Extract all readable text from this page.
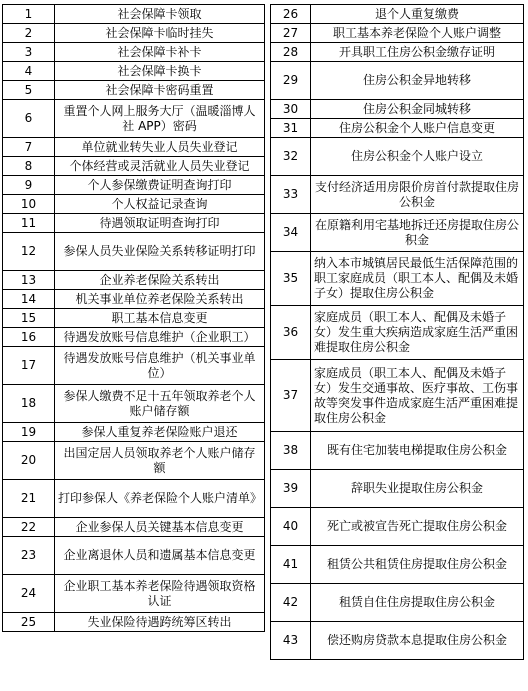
1	社会保障卡领取
2	社会保障卡临时挂失
3	社会保障卡补卡
4	社会保障卡换卡
5	社会保障卡密码重置
6	重置个人网上服务大厅（温暖淄博人社 APP）密码
7	单位就业转失业人员失业登记
8	个体经营或灵活就业人员失业登记
9	个人参保缴费证明查询打印
10	个人权益记录查询
11	待遇领取证明查询打印
12	参保人员失业保险关系转移证明打印
13	企业养老保险关系转出
14	机关事业单位养老保险关系转出
15	职工基本信息变更
16	待遇发放账号信息维护（企业职工）
17	待遇发放账号信息维护（机关事业单位）
18	参保人缴费不足十五年领取养老个人账户储存额
19	参保人重复养老保险账户退还
20	出国定居人员领取养老个人账户储存额
21	打印参保人《养老保险个人账户清单》
22	企业参保人员关键基本信息变更
23	企业离退休人员和遗属基本信息变更
24	企业职工基本养老保险待遇领取资格认证
25	失业保险待遇跨统筹区转出
26	退个人重复缴费
27	职工基本养老保险个人账户调整
28	开具职工住房公积金缴存证明
29	住房公积金异地转移
30	住房公积金同城转移
31	住房公积金个人账户信息变更
32	住房公积金个人账户设立
33	支付经济适用房限价房首付款提取住房公积金
34	在原籍利用宅基地拆迁还房提取住房公积金
35	纳入本市城镇居民最低生活保障范围的职工家庭成员（职工本人、配偶及未婚子女）提取住房公积金
36	家庭成员（职工本人、配偶及未婚子女）发生重大疾病造成家庭生活严重困难提取住房公积金
37	家庭成员（职工本人、配偶及未婚子女）发生交通事故、医疗事故、工伤事故等突发事件造成家庭生活严重困难提取住房公积金
38	既有住宅加装电梯提取住房公积金
39	辞职失业提取住房公积金
40	死亡或被宣告死亡提取住房公积金
41	租赁公共租赁住房提取住房公积金
42	租赁自住住房提取住房公积金
43	偿还购房贷款本息提取住房公积金
